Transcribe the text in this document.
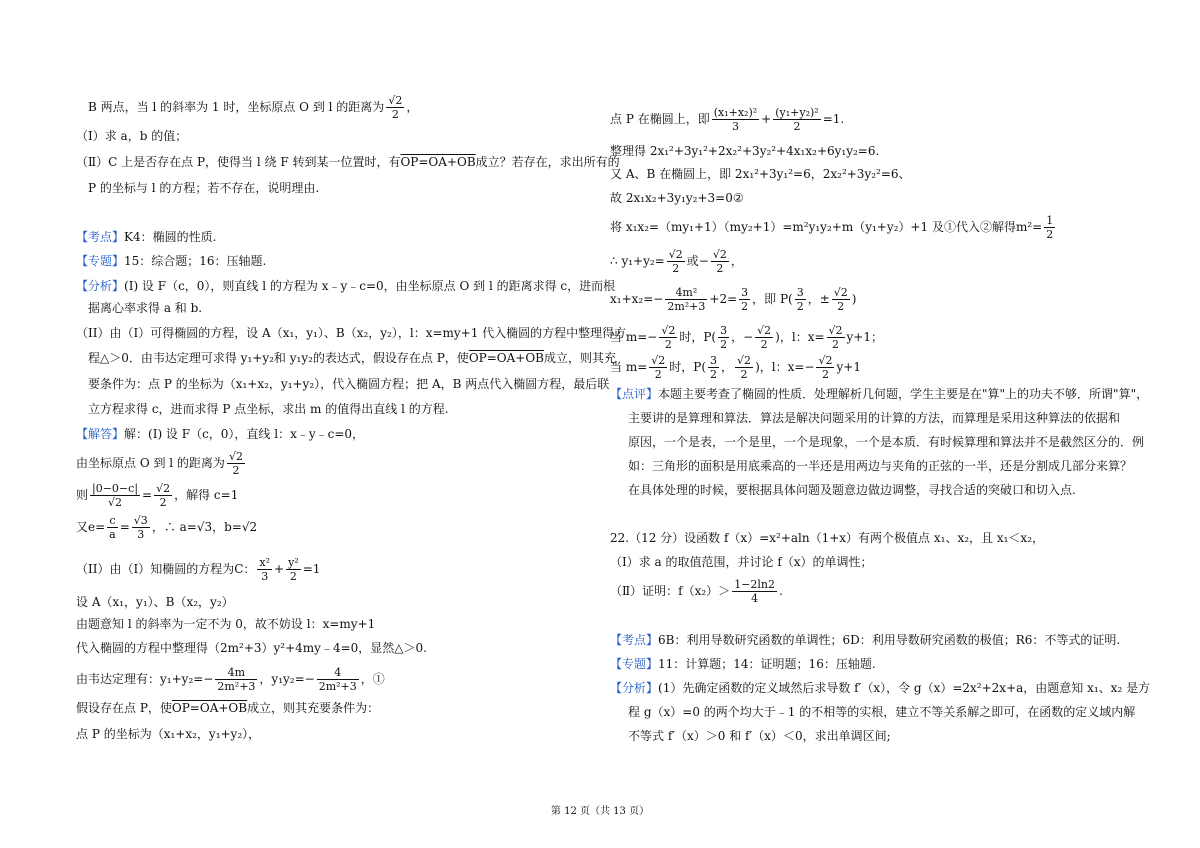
B 两点，当 l 的斜率为 1 时，坐标原点 O 到 l 的距离为 $\frac{√2}{2}$ ，
（Ⅰ）求 a，b 的值；
（Ⅱ）C 上是否存在点 P，使得当 l 绕 F 转到某一位置时，有OP=OA+OB成立？若存在，求出所有的
P 的坐标与 l 的方程；若不存在，说明理由.
【考点】K4：椭圆的性质.
【专题】15：综合题；16：压轴题.
【分析】(I) 设 F（c，0），则直线 l 的方程为 x﹣y﹣c=0，由坐标原点 O 到 l 的距离求得 c，进而根
据离心率求得 a 和 b.
（II）由（I）可得椭圆的方程，设 A（x₁，y₁）、B（x₂，y₂），l：x=my+1 代入椭圆的方程中整理得方
程△＞0．由韦达定理可求得 y₁+y₂和 y₁y₂的表达式，假设存在点 P，使OP=OA+OB成立，则其充
要条件为：点 P 的坐标为（x₁+x₂，y₁+y₂），代入椭圆方程；把 A，B 两点代入椭圆方程，最后联
立方程求得 c，进而求得 P 点坐标，求出 m 的值得出直线 l 的方程.
【解答】解：(I) 设 F（c，0），直线 l：x﹣y﹣c=0，
由坐标原点 O 到 l 的距离为 $\frac{√2}{2}$
则 $\frac{|0-0-c|}{√2} = \frac{√2}{2}$ ，解得 c=1
又$e= \frac{c}{a} = \frac{√3}{3}$ ，∴ a=√3，b=√2
（II）由（I）知椭圆的方程为C： $\frac{\text{x²}}{3} + \frac{\text{y²}}{2} =1$
设 A（x₁，y₁）、B（x₂，y₂）
由题意知 l 的斜率为一定不为 0，故不妨设 l：x=my+1
代入椭圆的方程中整理得（2m²+3）y²+4my﹣4=0，显然△＞0.
由韦达定理有：$y_1+y_2=- \frac{4m}{\text{2m²+3}}$ ，$y_1y_2=- \frac{4}{\text{2m²+3}}$ ，①
假设存在点 P，使OP=OA+OB成立，则其充要条件为：
点 P 的坐标为（x₁+x₂，y₁+y₂），
点 P 在椭圆上，即 $\frac{\text{(x₁+x₂)²}}{3} + \frac{\text{(y₁+y₂)²}}{2} =1$.
整理得 2x₁²+3y₁²+2x₂²+3y₂²+4x₁x₂+6y₁y₂=6.
又 A、B 在椭圆上，即 2x₁²+3y₁²=6，2x₂²+3y₂²=6、
故 2x₁x₂+3y₁y₂+3=0②
将 x₁x₂=（my₁+1）（my₂+1）=m²y₁y₂+m（y₁+y₂）+1 及①代入②解得$m^2= \frac{1}{2}$
∴ $y_1+y_2= \frac{√2}{2}$ 或− $\frac{√2}{2}$ ，
$x_1+x_2=- \frac{\text{4m²}}{\text{2m²+3}} +2= \frac{3}{2}$ ，即 $P( \frac{3}{2}$ ，± $\frac{√2}{2}$ )
当 $m=- \frac{√2}{2}$ 时，$P( \frac{3}{2}$ ，− $\frac{√2}{2}$ )，l：$x= \frac{√2}{2} y+1$；
当 $m= \frac{√2}{2}$ 时，$P( \frac{3}{2}$ ， $\frac{√2}{2}$ )，l：$x=- \frac{√2}{2} y+1$
【点评】本题主要考查了椭圆的性质．处理解析几何题，学生主要是在"算"上的功夫不够．所谓"算"，
主要讲的是算理和算法．算法是解决问题采用的计算的方法，而算理是采用这种算法的依据和
原因，一个是表，一个是里，一个是现象，一个是本质．有时候算理和算法并不是截然区分的．例
如：三角形的面积是用底乘高的一半还是用两边与夹角的正弦的一半，还是分割成几部分来算？
在具体处理的时候，要根据具体问题及题意边做边调整，寻找合适的突破口和切入点.
22.（12 分）设函数 f（x）=x²+aln（1+x）有两个极值点 x₁、x₂，且 x₁＜x₂，
（Ⅰ）求 a 的取值范围，并讨论 f（x）的单调性；
（Ⅱ）证明：$f(x_2)> \frac{1-2\ln 2}{4}$ .
【考点】6B：利用导数研究函数的单调性；6D：利用导数研究函数的极值；R6：不等式的证明.
【专题】11：计算题；14：证明题；16：压轴题.
【分析】(1）先确定函数的定义域然后求导数 f′（x），令 g（x）=2x²+2x+a，由题意知 x₁、x₂ 是方
程 g（x）=0 的两个均大于﹣1 的不相等的实根，建立不等关系解之即可，在函数的定义域内解
不等式 f′（x）＞0 和 f′（x）＜0，求出单调区间;
第 12 页（共 13 页）
